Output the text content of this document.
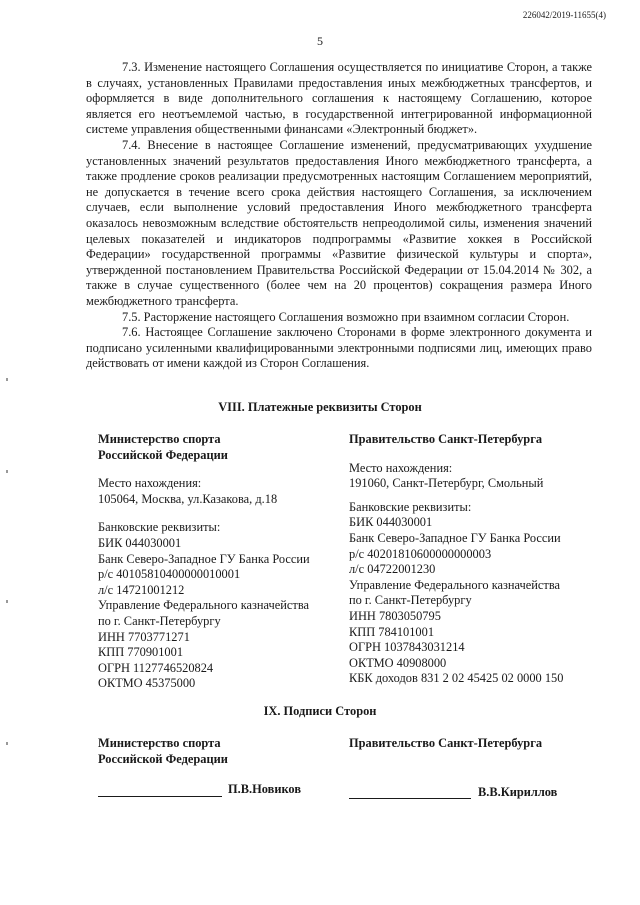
226042/2019-11655(4)
5

7.3. Изменение настоящего Соглашения осуществляется по инициативе Сторон, а также в случаях, установленных Правилами предоставления иных межбюджетных трансфертов, и оформляется в виде дополнительного соглашения к настоящему Соглашению, которое является его неотъемлемой частью, в государственной интегрированной информационной системе управления общественными финансами «Электронный бюджет».

7.4. Внесение в настоящее Соглашение изменений, предусматривающих ухудшение установленных значений результатов предоставления Иного межбюджетного трансферта, а также продление сроков реализации предусмотренных настоящим Соглашением мероприятий, не допускается в течение всего срока действия настоящего Соглашения, за исключением случаев, если выполнение условий предоставления Иного межбюджетного трансферта оказалось невозможным вследствие обстоятельств непреодолимой силы, изменения значений целевых показателей и индикаторов подпрограммы «Развитие хоккея в Российской Федерации» государственной программы «Развитие физической культуры и спорта», утвержденной постановлением Правительства Российской Федерации от 15.04.2014 № 302, а также в случае существенного (более чем на 20 процентов) сокращения размера Иного межбюджетного трансферта.

7.5. Расторжение настоящего Соглашения возможно при взаимном согласии Сторон.

7.6. Настоящее Соглашение заключено Сторонами в форме электронного документа и подписано усиленными квалифицированными электронными подписями лиц, имеющих право действовать от имени каждой из Сторон Соглашения.

VIII. Платежные реквизиты Сторон

Министерство спорта

Российской Федерации

Место нахождения:

105064, Москва, ул.Казакова, д.18

Банковские реквизиты:

БИК 044030001

Банк Северо-Западное ГУ Банка России

р/с 40105810400000010001

л/с 14721001212

Управление Федерального казначейства

по г. Санкт-Петербургу

ИНН 7703771271

КПП 770901001

ОГРН 1127746520824

ОКТМО 45375000

Правительство Санкт-Петербурга

Место нахождения:

191060, Санкт-Петербург, Смольный

Банковские реквизиты:

БИК 044030001

Банк Северо-Западное ГУ Банка России

р/с 40201810600000000003

л/с 04722001230

Управление Федерального казначейства

по г. Санкт-Петербургу

ИНН 7803050795

КПП 784101001

ОГРН 1037843031214

ОКТМО 40908000

КБК доходов 831 2 02 45425 02 0000 150

IX. Подписи Сторон

Министерство спорта

Российской Федерации

П.В.Новиков

Правительство Санкт-Петербурга

В.В.Кириллов
